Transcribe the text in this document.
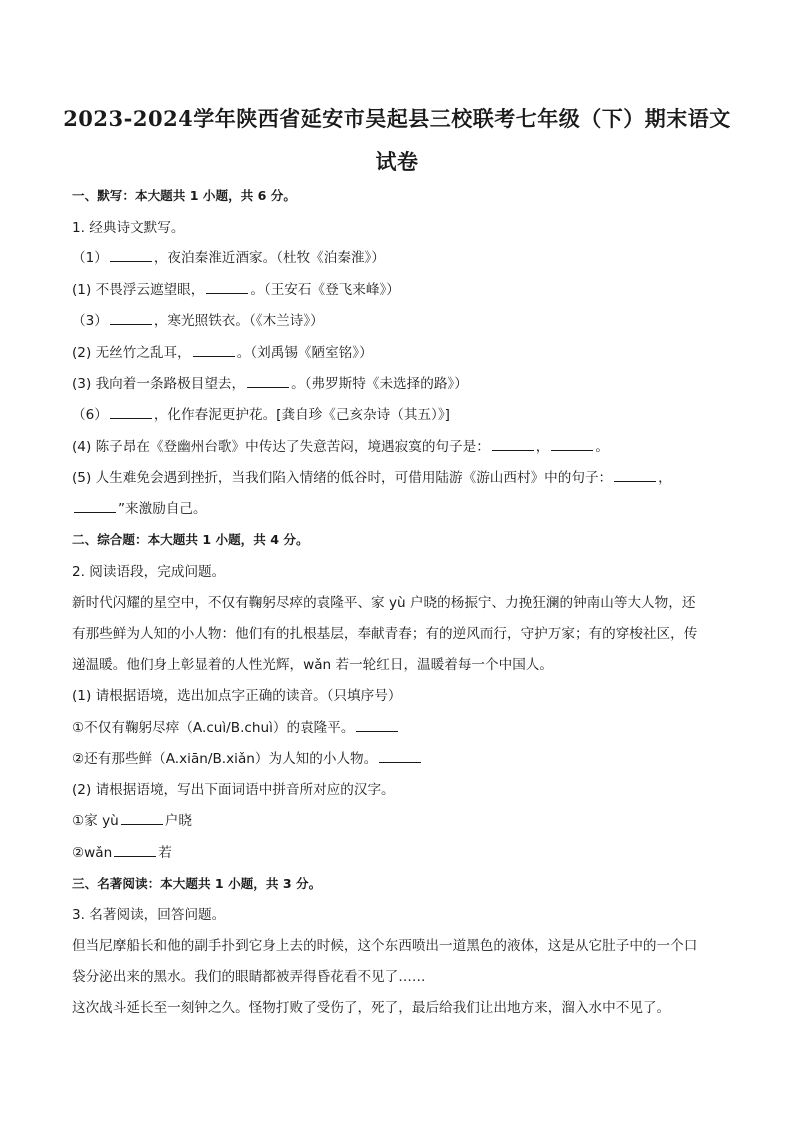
2023-2024学年陕西省延安市吴起县三校联考七年级（下）期末语文
试卷
一、默写：本大题共 1 小题，共 6 分。
1. 经典诗文默写。
（1）	，夜泊秦淮近酒家。（杜牧《泊秦淮》）
(1) 不畏浮云遮望眼，	。（王安石《登飞来峰》）
（3）	，寒光照铁衣。（《木兰诗》）
(2) 无丝竹之乱耳，	。（刘禹锡《陋室铭》）
(3) 我向着一条路极目望去，	。（弗罗斯特《未选择的路》）
（6）	，化作春泥更护花。[龚自珍《己亥杂诗（其五）》]
(4) 陈子昂在《登幽州台歌》中传达了失意苦闷，境遇寂寞的句子是：	，	。
(5) 人生难免会遇到挫折，当我们陷入情绪的低谷时，可借用陆游《游山西村》中的句子：	，
”来激励自己。
二、综合题：本大题共 1 小题，共 4 分。
2. 阅读语段，完成问题。
新时代闪耀的星空中，不仅有鞠躬尽瘁的袁隆平、家 yù 户晓的杨振宁、力挽狂澜的钟南山等大人物，还
有那些鲜为人知的小人物：他们有的扎根基层，奉献青春；有的逆风而行，守护万家；有的穿梭社区，传
递温暖。他们身上彰显着的人性光辉，wǎn 若一轮红日，温暖着每一个中国人。
(1) 请根据语境，选出加点字正确的读音。（只填序号）
①不仅有鞠躬尽瘁（A.cuì/B.chuì）的袁隆平。
②还有那些鲜（A.xiān/B.xiǎn）为人知的小人物。
(2) 请根据语境，写出下面词语中拼音所对应的汉字。
①家 yù	户晓
②wǎn	若
三、名著阅读：本大题共 1 小题，共 3 分。
3. 名著阅读，回答问题。
但当尼摩船长和他的副手扑到它身上去的时候，这个东西喷出一道黑色的液体，这是从它肚子中的一个口
袋分泌出来的黑水。我们的眼睛都被弄得昏花看不见了……
这次战斗延长至一刻钟之久。怪物打败了受伤了，死了，最后给我们让出地方来，溜入水中不见了。
